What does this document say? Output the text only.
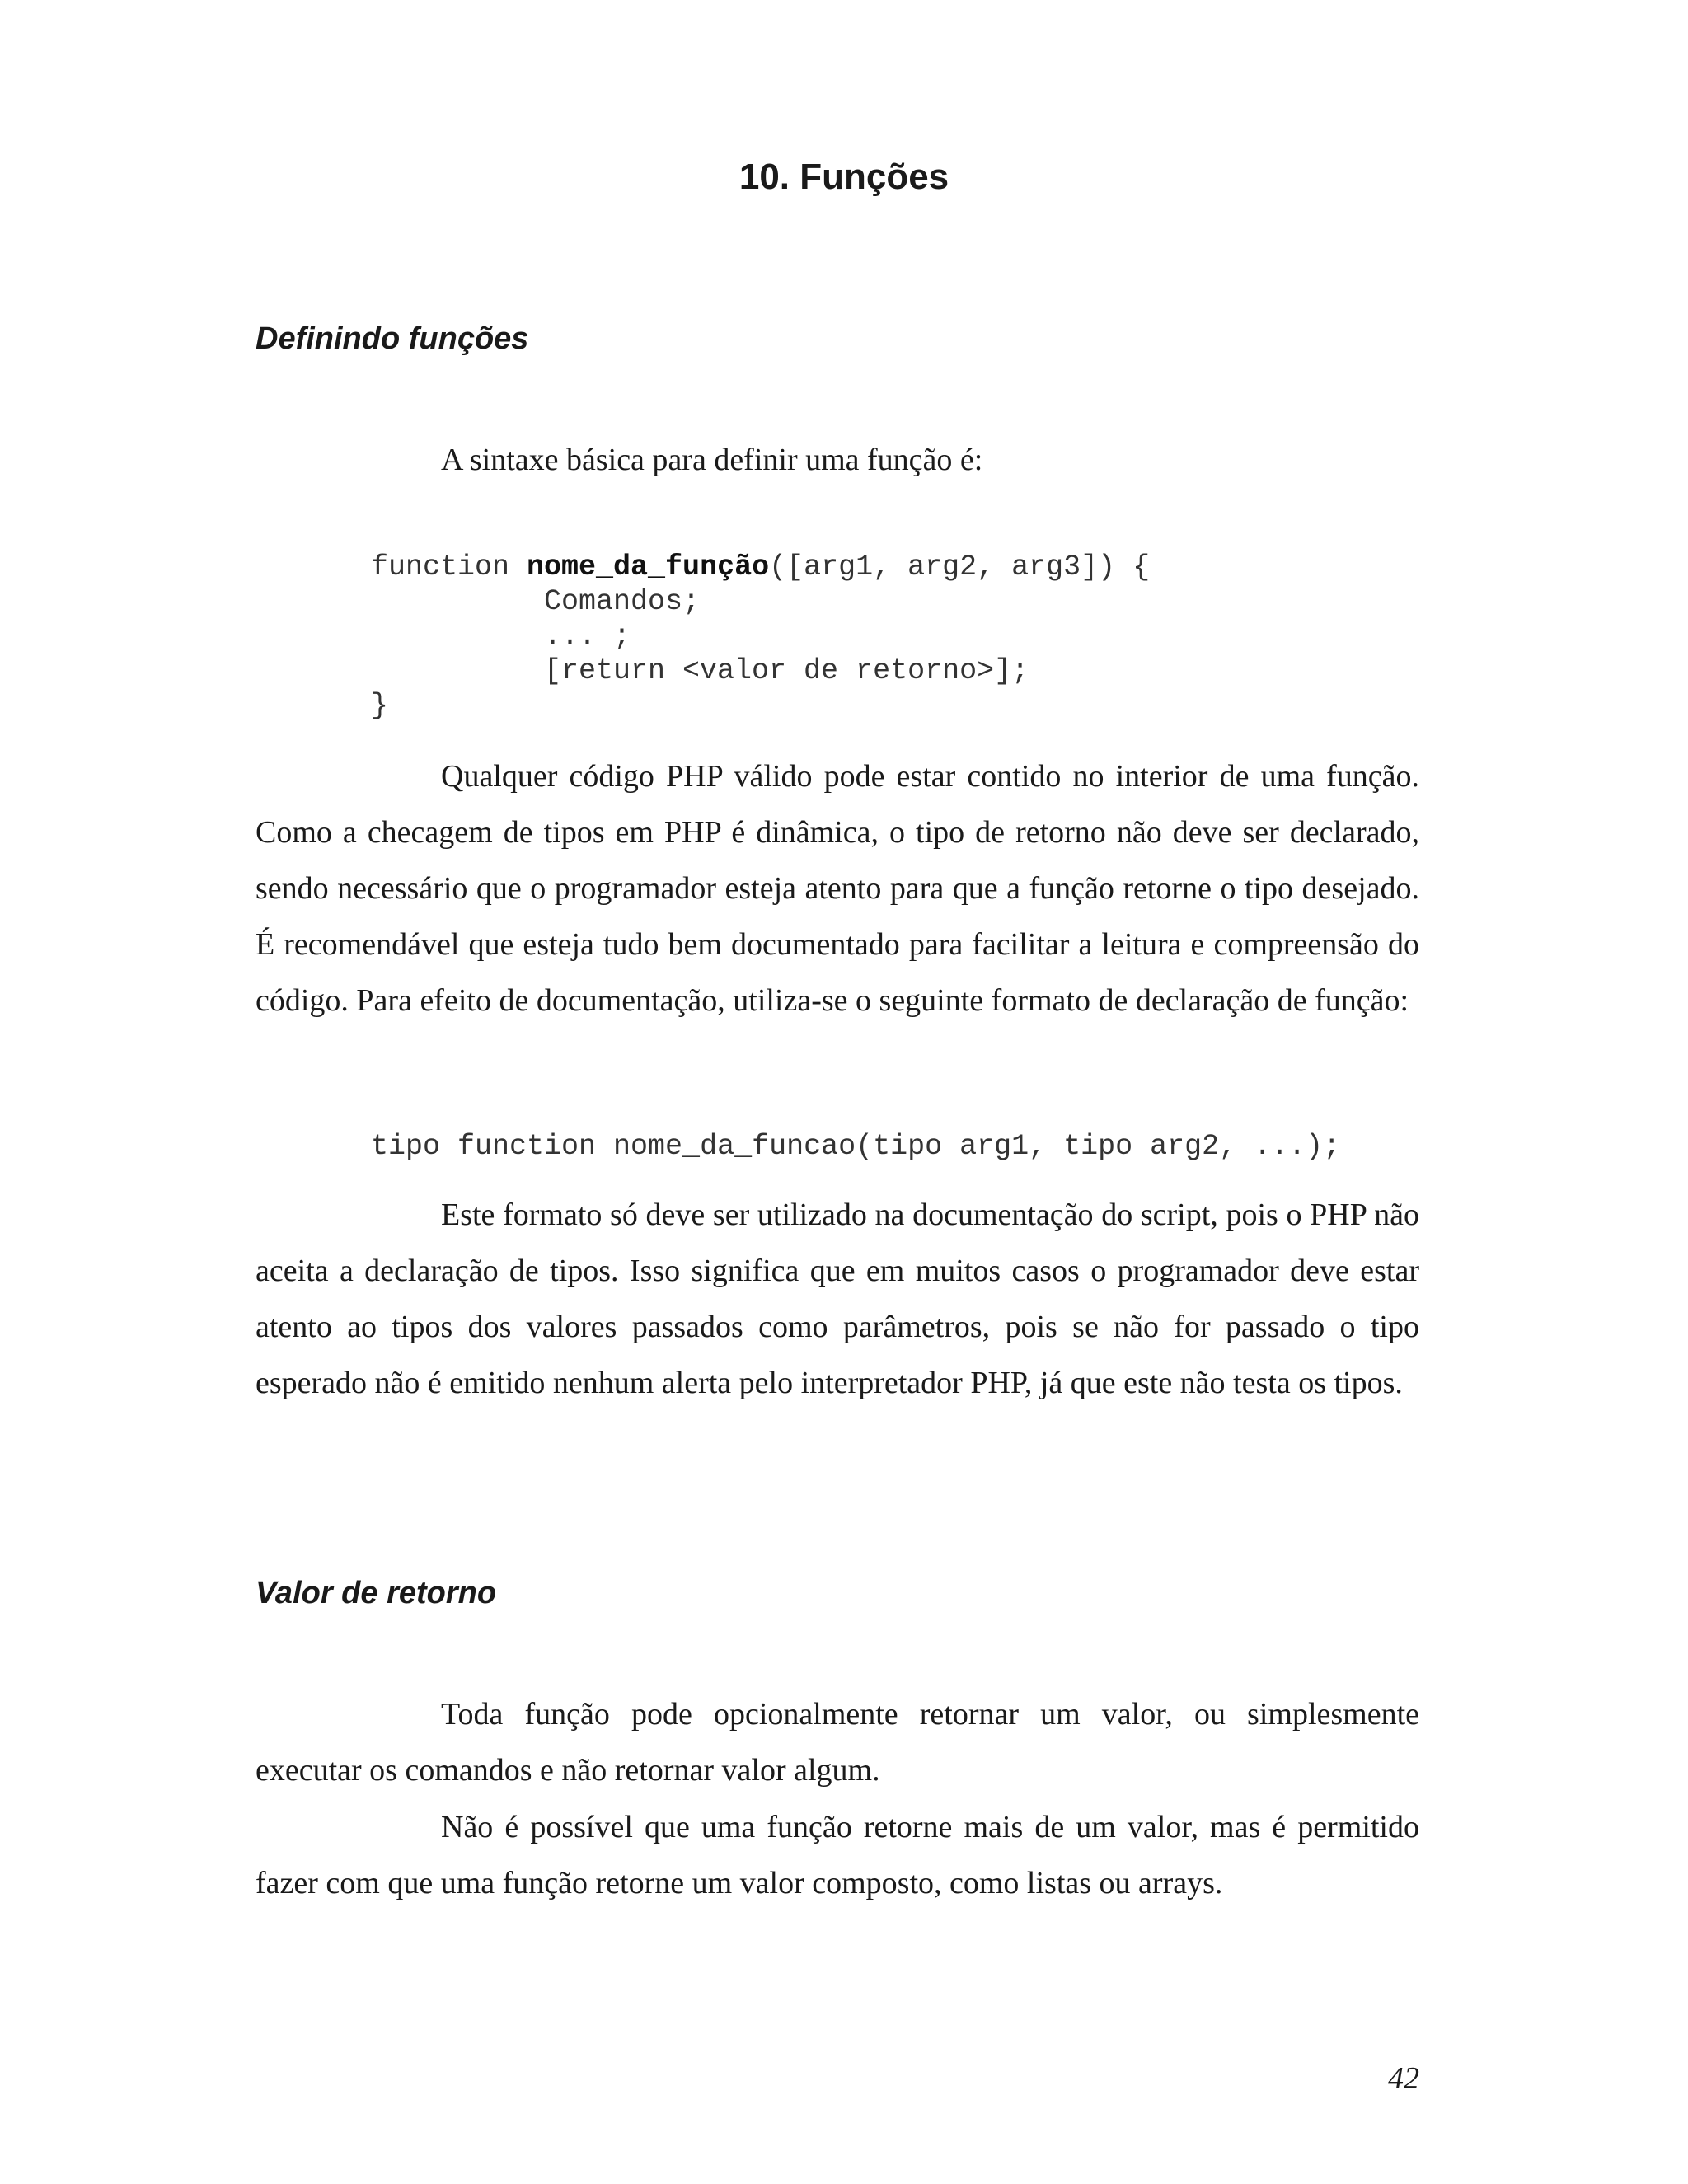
10. Funções
Definindo funções

A sintaxe básica para definir uma função é:

function nome_da_função([arg1, arg2, arg3]) {
Comandos;
... ;
[return <valor de retorno>];
}

Qualquer código PHP válido pode estar contido no interior de uma função. Como a checagem de tipos em PHP é dinâmica, o tipo de retorno não deve ser declarado, sendo necessário que o programador esteja atento para que a função retorne o tipo desejado. É recomendável que esteja tudo bem documentado para facilitar a leitura e compreensão do código. Para efeito de documentação, utiliza-se o seguinte formato de declaração de função:

tipo function nome_da_funcao(tipo arg1, tipo arg2, ...);

Este formato só deve ser utilizado na documentação do script, pois o PHP não aceita a declaração de tipos. Isso significa que em muitos casos o programador deve estar atento ao tipos dos valores passados como parâmetros, pois se não for passado o tipo esperado não é emitido nenhum alerta pelo interpretador PHP, já que este não testa os tipos.

Valor de retorno

Toda função pode opcionalmente retornar um valor, ou simplesmente executar os comandos e não retornar valor algum.

Não é possível que uma função retorne mais de um valor, mas é permitido fazer com que uma função retorne um valor composto, como listas ou arrays.

42
